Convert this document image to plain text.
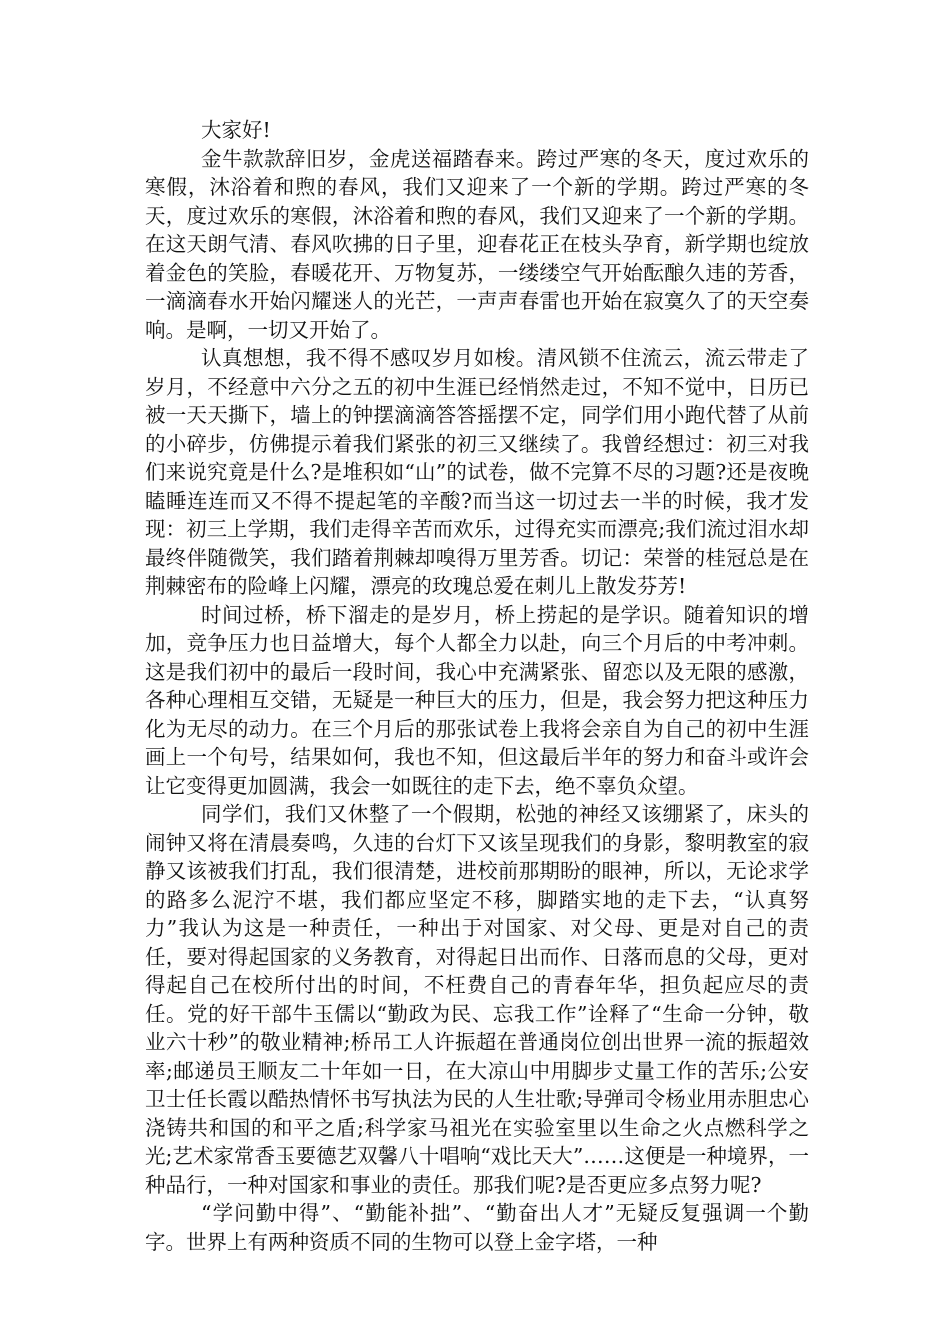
大家好!

金牛款款辞旧岁，金虎送福踏春来。跨过严寒的冬天，度过欢乐的寒假，沐浴着和煦的春风，我们又迎来了一个新的学期。跨过严寒的冬天，度过欢乐的寒假，沐浴着和煦的春风，我们又迎来了一个新的学期。在这天朗气清、春风吹拂的日子里，迎春花正在枝头孕育，新学期也绽放着金色的笑脸，春暖花开、万物复苏，一缕缕空气开始酝酿久违的芳香，一滴滴春水开始闪耀迷人的光芒，一声声春雷也开始在寂寞久了的天空奏响。是啊，一切又开始了。

认真想想，我不得不感叹岁月如梭。清风锁不住流云，流云带走了岁月，不经意中六分之五的初中生涯已经悄然走过，不知不觉中，日历已被一天天撕下，墙上的钟摆滴滴答答摇摆不定，同学们用小跑代替了从前的小碎步，仿佛提示着我们紧张的初三又继续了。我曾经想过：初三对我们来说究竟是什么?是堆积如“山”的试卷，做不完算不尽的习题?还是夜晚瞌睡连连而又不得不提起笔的辛酸?而当这一切过去一半的时候，我才发现：初三上学期，我们走得辛苦而欢乐，过得充实而漂亮;我们流过泪水却最终伴随微笑，我们踏着荆棘却嗅得万里芳香。切记：荣誉的桂冠总是在荆棘密布的险峰上闪耀，漂亮的玫瑰总爱在刺儿上散发芬芳!

时间过桥，桥下溜走的是岁月，桥上捞起的是学识。随着知识的增加，竞争压力也日益增大，每个人都全力以赴，向三个月后的中考冲刺。这是我们初中的最后一段时间，我心中充满紧张、留恋以及无限的感激，各种心理相互交错，无疑是一种巨大的压力，但是，我会努力把这种压力化为无尽的动力。在三个月后的那张试卷上我将会亲自为自己的初中生涯画上一个句号，结果如何，我也不知，但这最后半年的努力和奋斗或许会让它变得更加圆满，我会一如既往的走下去，绝不辜负众望。

同学们，我们又休整了一个假期，松弛的神经又该绷紧了，床头的闹钟又将在清晨奏鸣，久违的台灯下又该呈现我们的身影，黎明教室的寂静又该被我们打乱，我们很清楚，进校前那期盼的眼神，所以，无论求学的路多么泥泞不堪，我们都应坚定不移，脚踏实地的走下去，“认真努力”我认为这是一种责任，一种出于对国家、对父母、更是对自己的责任，要对得起国家的义务教育，对得起日出而作、日落而息的父母，更对得起自己在校所付出的时间，不枉费自己的青春年华，担负起应尽的责任。党的好干部牛玉儒以“勤政为民、忘我工作”诠释了“生命一分钟，敬业六十秒”的敬业精神;桥吊工人许振超在普通岗位创出世界一流的振超效率;邮递员王顺友二十年如一日，在大凉山中用脚步丈量工作的苦乐;公安卫士任长霞以酷热情怀书写执法为民的人生壮歌;导弹司令杨业用赤胆忠心浇铸共和国的和平之盾;科学家马祖光在实验室里以生命之火点燃科学之光;艺术家常香玉要德艺双馨八十唱响“戏比天大”……这便是一种境界，一种品行，一种对国家和事业的责任。那我们呢?是否更应多点努力呢?

“学问勤中得”、“勤能补拙”、“勤奋出人才”无疑反复强调一个勤字。世界上有两种资质不同的生物可以登上金字塔，一种
